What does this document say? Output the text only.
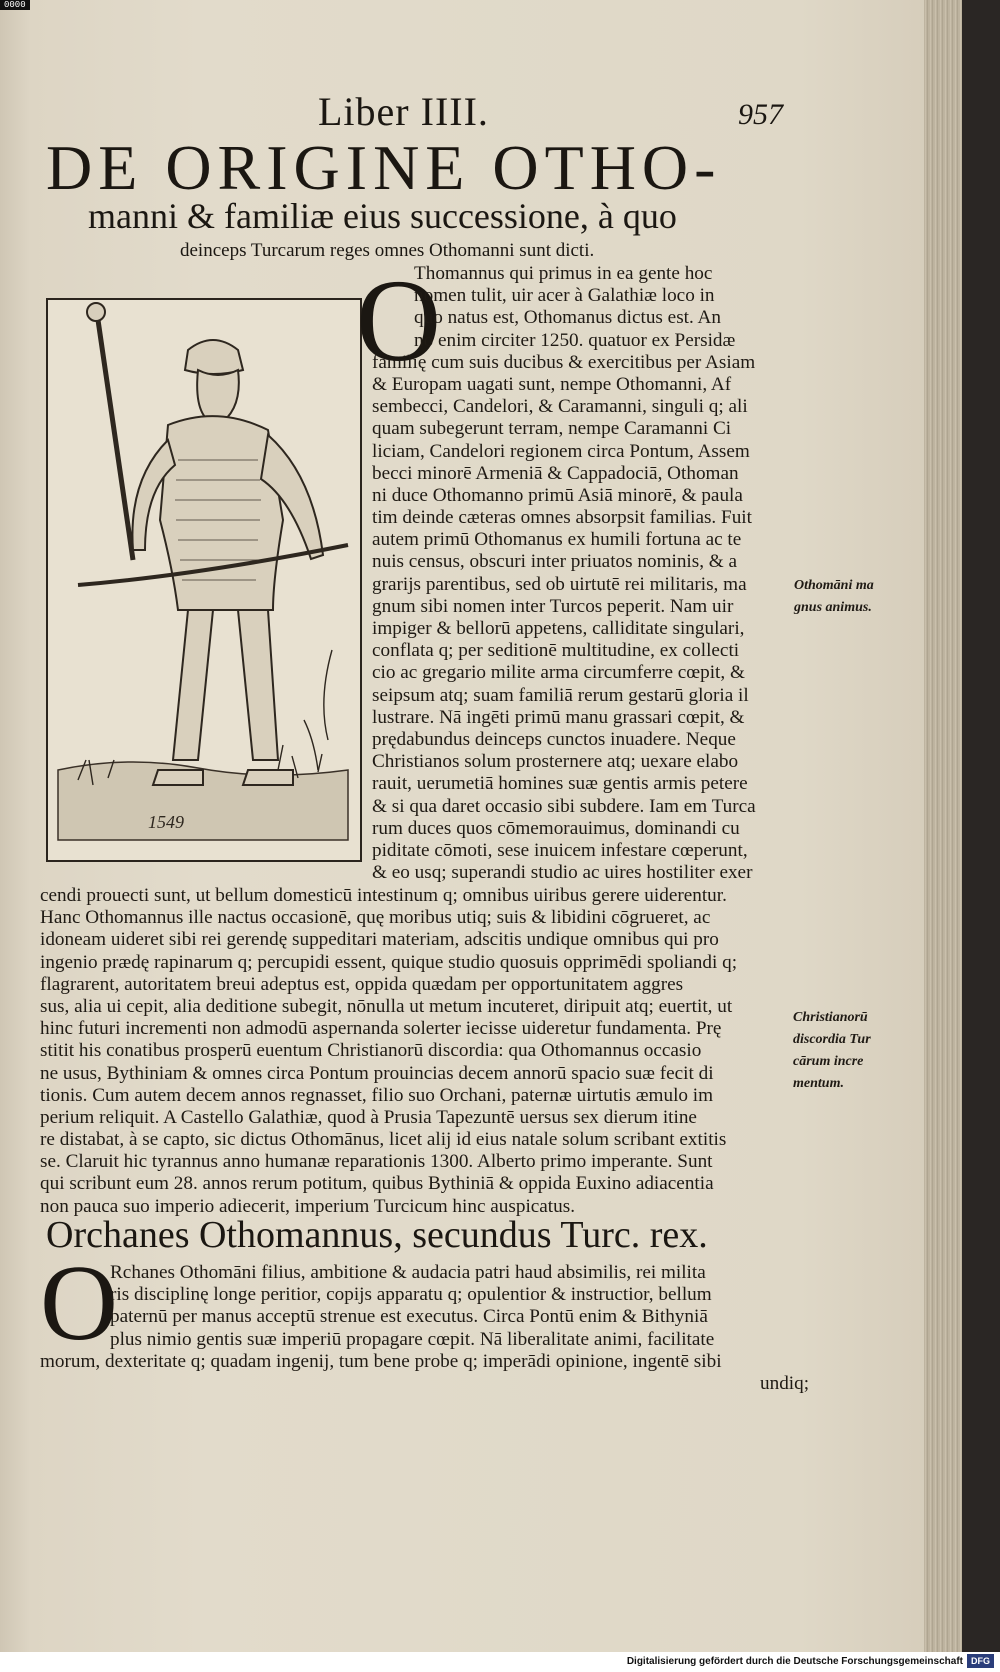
0000
Liber IIII.	957
DE ORIGINE OTHO-
manni & familiæ eius successione, à quo
deinceps Turcarum reges omnes Othomanni sunt dicti.
1549
O
Thomannus qui primus in ea gente hoc
nomen tulit, uir acer à Galathiæ loco in
quo natus est, Othomanus dictus est. An
no enim circiter 1250. quatuor ex Persidæ
familię cum suis ducibus & exercitibus per Asiam
& Europam uagati sunt, nempe Othomanni, Af
sembecci, Candelori, & Caramanni, singuli q; ali
quam subegerunt terram, nempe Caramanni Ci
liciam, Candelori regionem circa Pontum, Assem
becci minorē Armeniā & Cappadociā, Othoman
ni duce Othomanno primū Asiā minorē, & paula
tim deinde cæteras omnes absorpsit familias. Fuit
autem primū Othomanus ex humili fortuna ac te
nuis census, obscuri inter priuatos nominis, & a
grarijs parentibus, sed ob uirtutē rei militaris, ma
gnum sibi nomen inter Turcos peperit. Nam uir
impiger & bellorū appetens, calliditate singulari,
conflata q; per seditionē multitudine, ex collecti
cio ac gregario milite arma circumferre cœpit, &
seipsum atq; suam familiā rerum gestarū gloria il
lustrare. Nā ingēti primū manu grassari cœpit, &
prędabundus deinceps cunctos inuadere. Neque
Christianos solum prosternere atq; uexare elabo
rauit, uerumetiā homines suæ gentis armis petere
& si qua daret occasio sibi subdere. Iam em Turca
rum duces quos cōmemorauimus, dominandi cu
piditate cōmoti, sese inuicem infestare cœperunt,
& eo usq; superandi studio ac uires hostiliter exer
cendi prouecti sunt, ut bellum domesticū intestinum q; omnibus uiribus gerere uiderentur.
Hanc Othomannus ille nactus occasionē, quę moribus utiq; suis & libidini cōgrueret, ac
idoneam uideret sibi rei gerendę suppeditari materiam, adscitis undique omnibus qui pro
ingenio prædę rapinarum q; percupidi essent, quique studio quosuis opprimēdi spoliandi q;
flagrarent, autoritatem breui adeptus est, oppida quædam per opportunitatem aggres
sus, alia ui cepit, alia deditione subegit, nōnulla ut metum incuteret, diripuit atq; euertit, ut
hinc futuri incrementi non admodū aspernanda solerter iecisse uideretur fundamenta. Prę
stitit his conatibus prosperū euentum Christianorū discordia: qua Othomannus occasio
ne usus, Bythiniam & omnes circa Pontum prouincias decem annorū spacio suæ fecit di
tionis. Cum autem decem annos regnasset, filio suo Orchani, paternæ uirtutis æmulo im
perium reliquit. A Castello Galathiæ, quod à Prusia Tapezuntē uersus sex dierum itine
re distabat, à se capto, sic dictus Othomānus, licet alij id eius natale solum scribant extitis
se. Claruit hic tyrannus anno humanæ reparationis 1300. Alberto primo imperante. Sunt
qui scribunt eum 28. annos rerum potitum, quibus Bythiniā & oppida Euxino adiacentia
non pauca suo imperio adiecerit, imperium Turcicum hinc auspicatus.
Othomāni ma
gnus animus.
Christianorū
discordia Tur
cārum incre
mentum.
Orchanes Othomannus, secundus Turc. rex.
O
Rchanes Othomāni filius, ambitione & audacia patri haud absimilis, rei milita
ris disciplinę longe peritior, copijs apparatu q; opulentior & instructior, bellum
paternū per manus acceptū strenue est executus. Circa Pontū enim & Bithyniā
plus nimio gentis suæ imperiū propagare cœpit. Nā liberalitate animi, facilitate
morum, dexteritate q; quadam ingenij, tum bene probe q; imperādi opinione, ingentē sibi
undiq;
Digitalisierung gefördert durch die Deutsche Forschungsgemeinschaft DFG
